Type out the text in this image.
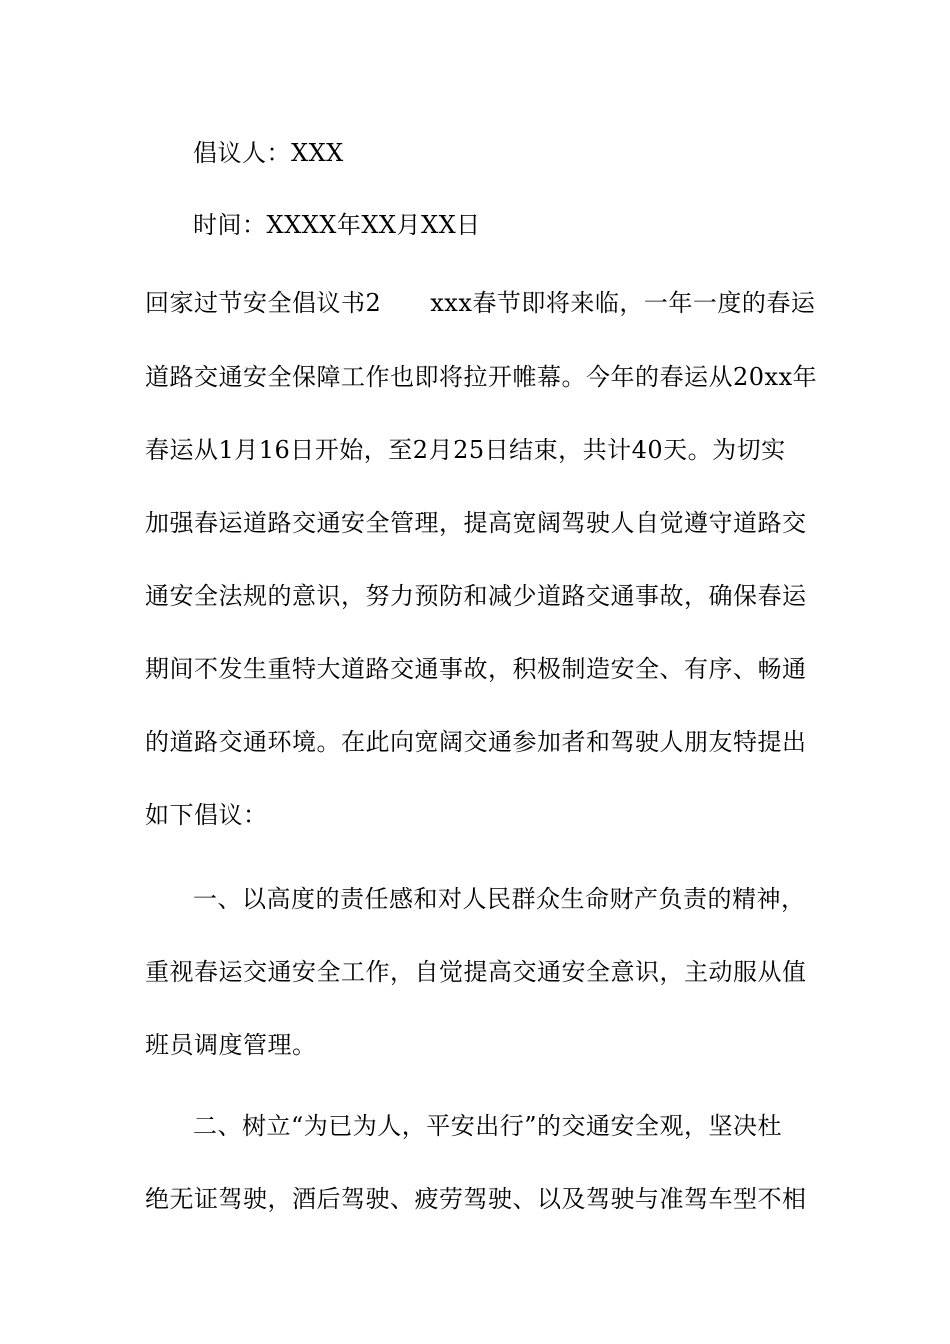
倡议人：XXX
时间：XXXX年XX月XX日
回家过节安全倡议书2　　xxx春节即将来临，一年一度的春运
道路交通安全保障工作也即将拉开帷幕。今年的春运从20xx年
春运从1月16日开始，至2月25日结束，共计40天。为切实
加强春运道路交通安全管理，提高宽阔驾驶人自觉遵守道路交
通安全法规的意识，努力预防和减少道路交通事故，确保春运
期间不发生重特大道路交通事故，积极制造安全、有序、畅通
的道路交通环境。在此向宽阔交通参加者和驾驶人朋友特提出
如下倡议：
一、以高度的责任感和对人民群众生命财产负责的精神，
重视春运交通安全工作，自觉提高交通安全意识，主动服从值
班员调度管理。
二、树立“为已为人，平安出行”的交通安全观，坚决杜
绝无证驾驶，酒后驾驶、疲劳驾驶、以及驾驶与准驾车型不相
